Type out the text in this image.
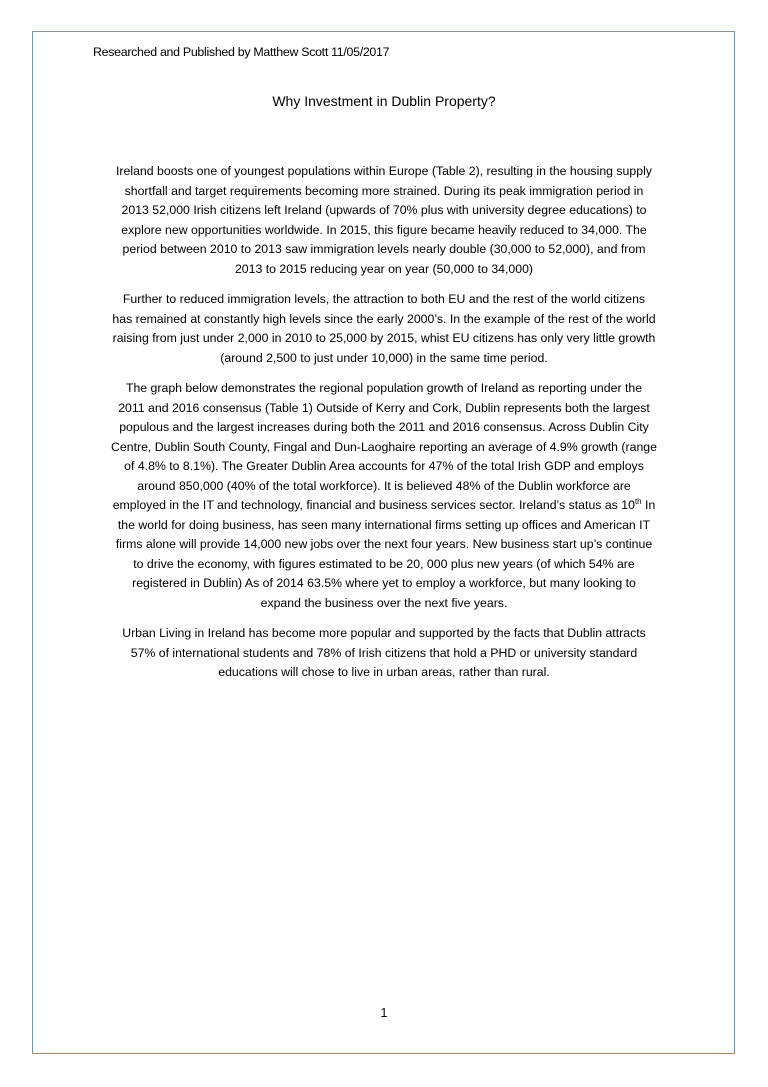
Researched and Published by Matthew Scott 11/05/2017
Why Investment in Dublin Property?

Ireland boosts one of youngest populations within Europe (Table 2), resulting in the housing supply
shortfall and target requirements becoming more strained. During its peak immigration period in
2013 52,000 Irish citizens left Ireland (upwards of 70% plus with university degree educations) to
explore new opportunities worldwide. In 2015, this figure became heavily reduced to 34,000. The
period between 2010 to 2013 saw immigration levels nearly double (30,000 to 52,000), and from
2013 to 2015 reducing year on year (50,000 to 34,000)

Further to reduced immigration levels, the attraction to both EU and the rest of the world citizens
has remained at constantly high levels since the early 2000’s. In the example of the rest of the world
raising from just under 2,000 in 2010 to 25,000 by 2015, whist EU citizens has only very little growth
(around 2,500 to just under 10,000) in the same time period.

The graph below demonstrates the regional population growth of Ireland as reporting under the
2011 and 2016 consensus (Table 1) Outside of Kerry and Cork, Dublin represents both the largest
populous and the largest increases during both the 2011 and 2016 consensus. Across Dublin City
Centre, Dublin South County, Fingal and Dun-Laoghaire reporting an average of 4.9% growth (range
of 4.8% to 8.1%). The Greater Dublin Area accounts for 47% of the total Irish GDP and employs
around 850,000 (40% of the total workforce). It is believed 48% of the Dublin workforce are
employed in the IT and technology, financial and business services sector. Ireland’s status as 10th In
the world for doing business, has seen many international firms setting up offices and American IT
firms alone will provide 14,000 new jobs over the next four years. New business start up’s continue
to drive the economy, with figures estimated to be 20, 000 plus new years (of which 54% are
registered in Dublin) As of 2014 63.5% where yet to employ a workforce, but many looking to
expand the business over the next five years.

Urban Living in Ireland has become more popular and supported by the facts that Dublin attracts
57% of international students and 78% of Irish citizens that hold a PHD or university standard
educations will chose to live in urban areas, rather than rural.

1
